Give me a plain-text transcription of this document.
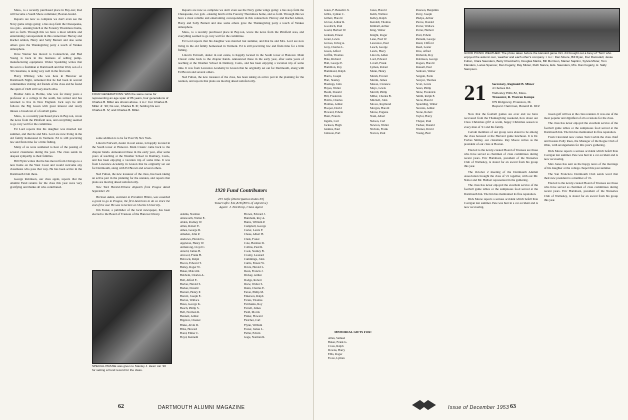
Mass., to a recently purchased place in Bay-ton; Rod will become a South Shore commuter; Boston-bound.

Reports are now so complete we don't even see the Navy game wings going: a bus stop farm the Chesapeake, two gals - ensuing lunch at the Forestry Thornmore home, and so forth. Through this we have a most reliable and entertaining correspondent in this connection: Harvey and Rachel Aldren, Harry and Sally Barnett and also some others gave the Thanksgiving party a touch of Yankee atmosphere.

Dave Warner has moved to Connecticut, and Bud Young is back in the business of selling pump-manufacturing equipment. Walter Spaulding writes that his son is a freshman at Dartmouth and that Walt, son of a '20 classmate, is doing very well in the first term.

Harry Whitney, who was here in Hanover on Dartmouth Night, remarked that he had been in several communities visiting old friends of the class and he found the spirit of 1920 still very much alive.

Brother John A. Holme, who was for many years a professor at a college in the south, has retired and has returned to live in New England. Jack says he still follows the Big Green with great interest and rarely misses a broadcast of a football game.

Mass., to a recently purchased place in Bay-ton, wrote the news from the Pittsfield area, and everything seemed to go very well for the committee.

Ed Lord reports that his daughter was married last summer, and that he and Mrs. Lord are now living in the old family homestead in Vermont. Ed is still practicing law and finds time for a little fishing.

Many of us were saddened to hear of the passing of several classmates during the year. The class sends its deepest sympathy to their families.

Bill Flynn writes that he has moved from Chicago to a new home on the West Coast and would welcome any classmates who pass that way. He has been active in the Dartmouth Club there.

George Robinson, our class agent, reports that the Alumni Fund returns for the class this year were very gratifying and thanks all who contributed.

FOUR GENERATIONS: With the same name for representing an age span of 86 years, four generations of Charles B. Miller are shown above. 1 to r: Col. Charles B. Miller Jr. '20; his son, Charles B. III; holding his son Charles B. IV; and Charles B. Miller.

some addition is to be for East 58, Nev York.

Lincoln Fairwell, dealer in real estate, is happily located in the South tower at Hanover. Main Classic came back to the chapter hands. Announced these in the early year, after some years of teaching at the Weather School in Danbury, Conn., and has been enjoying a vacation trip of some time. It was from Lawrence Academy in Groton that he originally set out for Dartmouth, along with Ed Brown and several others.

Ned Fulton, the new treasurer of the class, has been taking an active part in the planning for the reunion, and reports that plans are moving ahead satisfactorily.

New York Herald-Tribune dispatch from Prague dated September 29:

Herman Adam, assistant to President Hilton, was awarded a grant to go to Prague, the first American to do so since the end of the war. He was to lecture at Charles University.

Jim Foster, a publisher of the local newspaper, has been elected to the Board of Trustees of the Hanover library.

SPECIAL PRAISE was given to Stanley J. Hess' car '20 for setting a Fund record for the class.
1920 Fund Contributors
255 Gifts (Participation Index 65)
Total Gifts: $11,818 (80% of objective)
Agent: J. Northrop, Class Agent

Reports are now so complete we don't even see the Navy game wings going: a bus stop farm the Chesapeake, two gals - ensuing lunch at the Forestry Thornmore home, and so forth. Through this we have a most reliable and entertaining correspondent in this connection: Harvey and Rachel Aldren, Harry and Sally Barnett and also some others gave the Thanksgiving party a touch of Yankee atmosphere.

Mass., to a recently purchased place in Bay-ton, wrote the news from the Pittsfield area, and everything seemed to go very well for the committee.

Ed Lord reports that his daughter was married last summer, and that he and Mrs. Lord are now living in the old family homestead in Vermont. Ed is still practicing law and finds time for a little fishing.

Lincoln Fairwell, dealer in real estate, is happily located in the South tower at Hanover. Main Classic came back to the chapter hands. Announced these in the early year, after some years of teaching at the Weather School in Danbury, Conn., and has been enjoying a vacation trip of some time. It was from Lawrence Academy in Groton that he originally set out for Dartmouth, along with Ed Brown and several others.

Ned Fulton, the new treasurer of the class, has been taking an active part in the planning for the reunion, and reports that plans are moving ahead satisfactorily.

Adams, Norman
Ainsworth, Walter E.
Alden, Rodney W.
Allen, Robert E.
Ames, George D.
Amsden, John P.
Andrews, Harold G.
Appleton, Henry W.
Armstrong, Lloyd C.
Arnold, James B.
Atwood, Frank H.
Babcock, Ralph
Bacon, Edward T.
Bailey, Roger W.
Baker, Malcolm
Baldwin, Charles A.
Ball, Alfred E.
Barber, Harold S.
Barker, Donald
Barnett, Henry P.
Barrett, Joseph E.
Barton, Wallace
Bates, George K.
Beach, Philip S.
Bell, Norman R.
Bennett, Arthur
Bigelow, Chester
Blake, Alvin D.
Bliss, Howard
Bond, Elmer C.
Boyd, Kenneth
Brown, Edward J.
Burnham, Roy A.
Burns, William P.
Campbell, George
Carter, Lewis F.
Chase, Albert H.
Clark, Foster
Cole, Herman D.
Collins, Paul R.
Cook, Stanley B.
Crosby, Leonard
Cummings, John
Curtis, Ernest W.
Davis, Harold L.
Dean, Francis J.
Dickey, Arthur
Dodge, Robert
Drew, Walter S.
Dunn, Charles E.
Eaton, Philip M.
Emerson, Ralph
Evans, Thomas
Fairbanks, Roy
Farrell, James
Field, Morris
Fisher, Howard
Fletcher, Carl
Flynn, William
Foster, James L.
Fuller, Edwin
Gage, Norman R.
62	DARTMOUTH ALUMNI MAGAZINE
Gates, F. Benedict Jr.
Gibbs, Lyman C.
Gilbert, Harold
Glover, Arthur R.
Goodrich, Paul
Gould, Herbert W.
Graham, Ernest
Grant, Lewis
Graves, Irving A.
Gray, Charles L.
Green, Alfred
Griffin, Thomas
Hale, Richard
Hall, George E.
Hamilton, Roy
Hammond, Ralph
Harris, Joseph
Hart, Stanley
Hastings, John
Hayes, Walter
Heath, Donald
Hill, Frederick
Hobbs, Charles
Holmes, Arthur
Hooper, David
Howard, Edwin
Hunt, Francis
Ingalls, Carl
Jackson, Hugh
Jenkins, Paul
Johnson, Earl
Jones, Harold
Keith, Wallace
Kelley, Ralph
Kendall, Thomas
Kimball, Arthur
King, Walter
Knight, Roger
Lane, Fred W.
Lawrence, Paul
Leach, George
Lewis, Harry
Lincoln, Alden
Lord, Edward
Lovell, Frank
Lyman, Robert
Mann, Henry
Marsh, Everett
Martin, James
Mason, Clarence
Mayo, Lewis
Merrill, Philip
Miller, Charles B.
Mitchell, John
Moore, Raymond
Morgan, Harold
Morse, Eugene
Nash, Albert
Nelson, Carl
Newton, Walter
Nichols, Frank
Norton, Paul
MEMORIAL GIFTS FOR:
Allen, Samuel
Baker, Frank G.
Cross, Ralph
Downs, Harry
Ellis, Roger
Foote, Lyman
Pearson, Benjamin
Perry, Joseph
Phelps, Arthur
Pierce, Donald
Porter, Wallace
Potter, Herbert
Pratt, Edwin
Putnam, George
Rand, Clifford
Reed, Lester
Rice, Alfred
Richards, Roy
Robinson, George
Rogers, Harold
Russell, Paul
Sanborn, Walter
Sargent, Earle
Sawyer, Thomas
Scott, Lewis
Sears, Philip
Shaw, Frederick
Smith, Ralph E.
Snow, Harold
Spaulding, Walter
Stevens, Arthur
Stone, Robert
Taylor, Harry
Thayer, Paul
Tucker, Donald
Warner, David
Young, Bud
GOOD PICNIC WEATHER: The photo taken before the Harvard game Oct. 24 brought out a bevy of 'Twin' who enjoyed the autumn sun, weather and each other's company. l. to r.: Dan Moore, Bill Ryan, Doc Ramsdell, Jesse Fulton, Clara Saunders, Betty Chamberlin, Douglas Marks, Bill Morrison, Mariec Saplinn, Sylvia Mixter, Tom Flanders, Lucas Spencer, Dan Fogarty, Ray Mixter, Ruth Nance, Eds. Saunders, Mrs. Dan Fogarty, H. Sally Sampson.
21 Secretary, Reginald B. Miner
4 Chelsea Rd.
Wellesley Hills 82, Mass.
Treasurer, R. Warren Kempe
979 Ridgeway, Evanston, Ill.
Bequest Chairman, Bonard R. Weir

Now that the football games are over and we have recovered from the Thanksgiving weekend, how about our Class Christmas gift? A warm, happy Christmas season to every man of '21 and his family.

Certain members of our group were elated to be among the class honored at the Harvard game luncheon. It is Dr. Forbes Smiley, our classmate. Ray Moore writes as the president of our class at Boston.

Elected to the newly-created Board of Trustees are those who have served as chairmen of class committees during recent years. Eric Hartshorn, president of the Nurseries Club of Wellesley, is slated for an award from his group this year.

The October 2 meeting of the Dartmouth Alumni Association brought the class of '21 together, with our Mr. Nabor and Mr. Hulbert represented in the gathering.

The class has never enjoyed the excellent service of the football game tables or the sumptuous food served at the Dartmouth Inn. The Inn has maintained its fine reputation.

Dick Morse reports a serious accident which befell Pete Corrigan last summer. Pete was hurt in a car accident and is now recovering.

tween golf will tee at the class reunion. It was one of the most popular and dignified of all occasions for the class.

The class has never enjoyed the excellent service of the football game tables or the sumptuous food served at the Dartmouth Inn. The Inn has maintained its fine reputation.

From Cleveland now comes Tom Corbin the class chief and hostess Polly Rees, the Manager of the Rogue Club of Ohio, with arrangements for this year's gathering.

Dick Morse reports a serious accident which befell Pete Corrigan last summer. Pete was hurt in a car accident and is now recovering.

Max Jones has sent us the happy news of the marriage of his daughter at the college chapel this past summer.

The San Francisco Dartmouth Club sends word that their new president is a member of '21.

Elected to the newly-created Board of Trustees are those who have served as chairmen of class committees during recent years. Eric Hartshorn, president of the Nurseries Club of Wellesley, is slated for an award from his group this year.

Issue of December 1953 63
